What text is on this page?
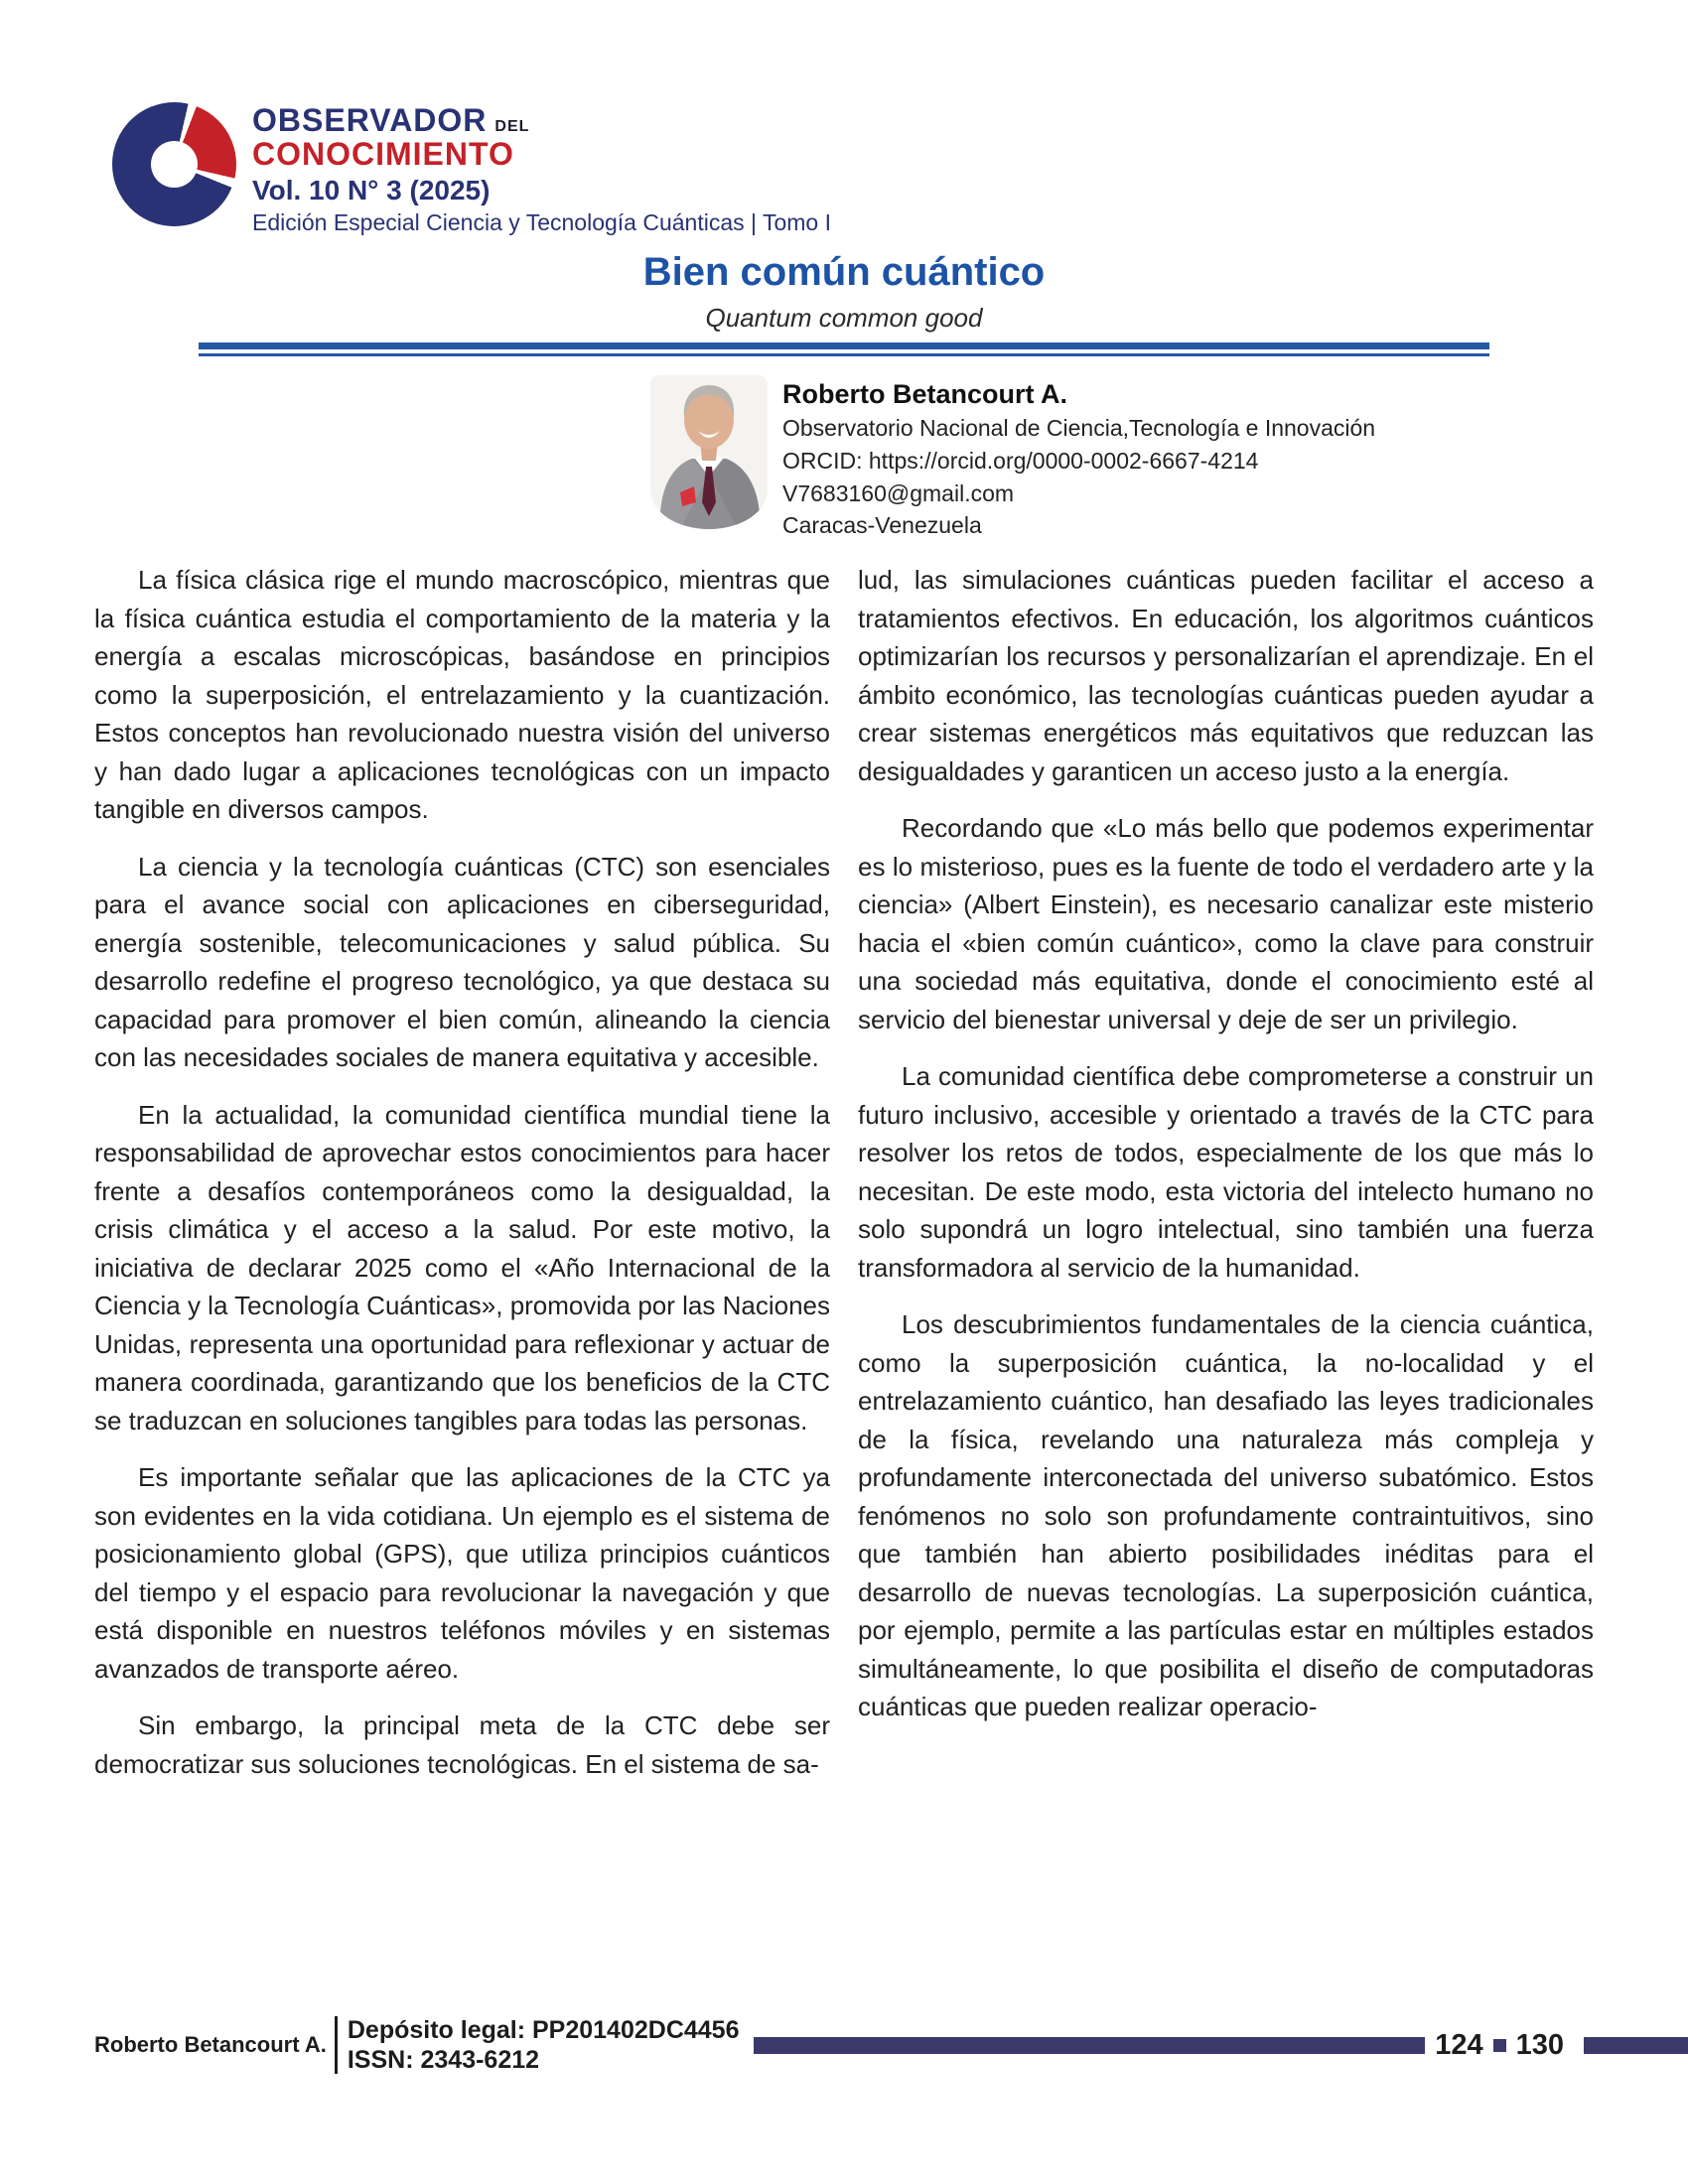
OBSERVADOR DEL
CONOCIMIENTO
Vol. 10 N° 3 (2025)
Edición Especial Ciencia y Tecnología Cuánticas | Tomo I
Bien común cuántico
Quantum common good
Roberto Betancourt A.
Observatorio Nacional de Ciencia,Tecnología e Innovación
ORCID: https://orcid.org/0000-0002-6667-4214
V7683160@gmail.com
Caracas-Venezuela

La física clásica rige el mundo macroscópico, mientras que la física cuántica estudia el comportamiento de la materia y la energía a escalas microscópicas, basándose en principios como la superposición, el entrelazamiento y la cuantización. Estos conceptos han revolucionado nuestra visión del universo y han dado lugar a aplicaciones tecnológicas con un impacto tangible en diversos campos.

La ciencia y la tecnología cuánticas (CTC) son esenciales para el avance social con aplicaciones en ciberseguridad, energía sostenible, telecomunicaciones y salud pública. Su desarrollo redefine el progreso tecnológico, ya que destaca su capacidad para promover el bien común, alineando la ciencia con las necesidades sociales de manera equitativa y accesible.

En la actualidad, la comunidad científica mundial tiene la responsabilidad de aprovechar estos conocimientos para hacer frente a desafíos contemporáneos como la desigualdad, la crisis climática y el acceso a la salud. Por este motivo, la iniciativa de declarar 2025 como el «Año Internacional de la Ciencia y la Tecnología Cuánticas», promovida por las Naciones Unidas, representa una oportunidad para reflexionar y actuar de manera coordinada, garantizando que los beneficios de la CTC se traduzcan en soluciones tangibles para todas las personas.

Es importante señalar que las aplicaciones de la CTC ya son evidentes en la vida cotidiana. Un ejemplo es el sistema de posicionamiento global (GPS), que utiliza principios cuánticos del tiempo y el espacio para revolucionar la navegación y que está disponible en nuestros teléfonos móviles y en sistemas avanzados de transporte aéreo.

Sin embargo, la principal meta de la CTC debe ser democratizar sus soluciones tecnológicas. En el sistema de sa-

lud, las simulaciones cuánticas pueden facilitar el acceso a tratamientos efectivos. En educación, los algoritmos cuánticos optimizarían los recursos y personalizarían el aprendizaje. En el ámbito económico, las tecnologías cuánticas pueden ayudar a crear sistemas energéticos más equitativos que reduzcan las desigualdades y garanticen un acceso justo a la energía.

Recordando que «Lo más bello que podemos experimentar es lo misterioso, pues es la fuente de todo el verdadero arte y la ciencia» (Albert Einstein), es necesario canalizar este misterio hacia el «bien común cuántico», como la clave para construir una sociedad más equitativa, donde el conocimiento esté al servicio del bienestar universal y deje de ser un privilegio.

La comunidad científica debe comprometerse a construir un futuro inclusivo, accesible y orientado a través de la CTC para resolver los retos de todos, especialmente de los que más lo necesitan. De este modo, esta victoria del intelecto humano no solo supondrá un logro intelectual, sino también una fuerza transformadora al servicio de la humanidad.

Los descubrimientos fundamentales de la ciencia cuántica, como la superposición cuántica, la no-localidad y el entrelazamiento cuántico, han desafiado las leyes tradicionales de la física, revelando una naturaleza más compleja y profundamente interconectada del universo subatómico. Estos fenómenos no solo son profundamente contraintuitivos, sino que también han abierto posibilidades inéditas para el desarrollo de nuevas tecnologías. La superposición cuántica, por ejemplo, permite a las partículas estar en múltiples estados simultáneamente, lo que posibilita el diseño de computadoras cuánticas que pueden realizar operacio-

Roberto Betancourt A.
Depósito legal: PP201402DC4456
ISSN: 2343-6212	124 130
